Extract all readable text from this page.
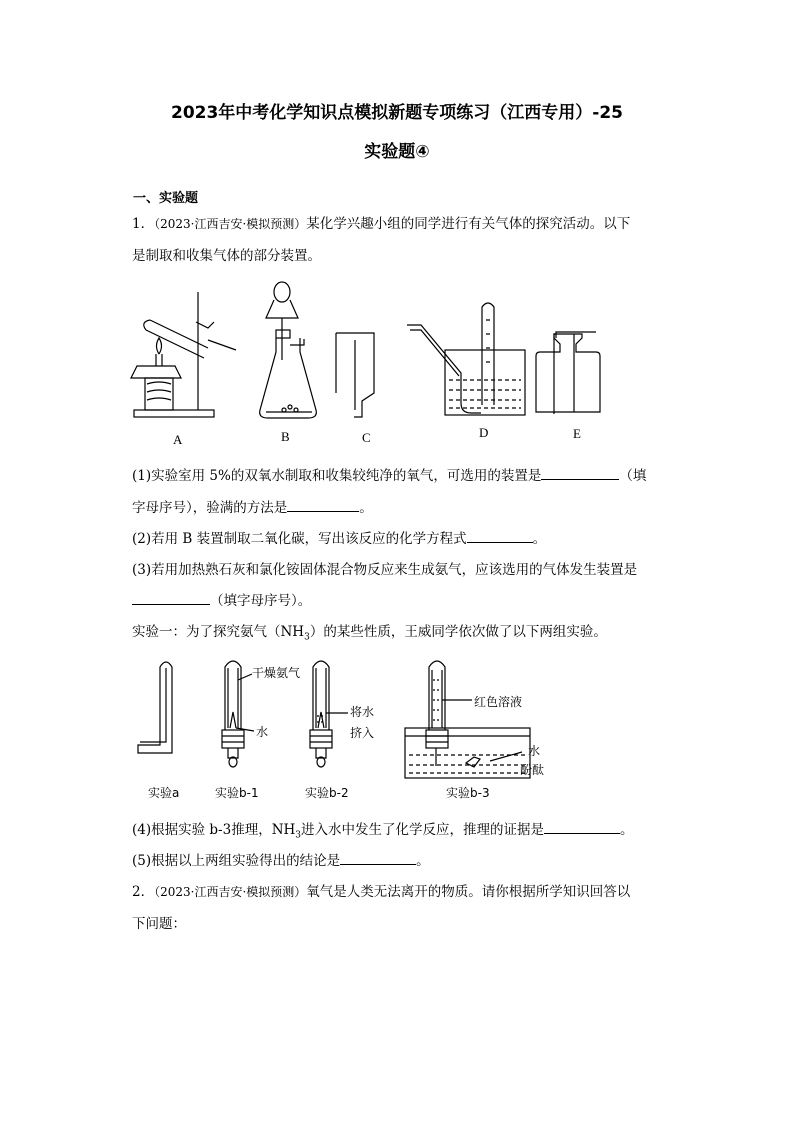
2023年中考化学知识点模拟新题专项练习（江西专用）-25
实验题④
一、实验题
1．（2023·江西吉安·模拟预测）某化学兴趣小组的同学进行有关气体的探究活动。以下
是制取和收集气体的部分装置。
A	B	C	D	E
(1)实验室用 5%的双氧水制取和收集较纯净的氧气，可选用的装置是	（填
字母序号），验满的方法是	。
(2)若用 B 装置制取二氧化碳，写出该反应的化学方程式	。
(3)若用加热熟石灰和氯化铵固体混合物反应来生成氨气，应该选用的气体发生装置是
（填字母序号）。
实验一：为了探究氨气$(NH_3)$的某些性质，王威同学依次做了以下两组实验。
干燥氨气
水
将水
挤入
红色溶液
水
酚酞
实验a	实验b-1	实验b-2	实验b-3
(4)根据实验 b-3推理，$NH_3$进入水中发生了化学反应，推理的证据是	。
(5)根据以上两组实验得出的结论是	。
2．（2023·江西吉安·模拟预测）氧气是人类无法离开的物质。请你根据所学知识回答以
下问题：
